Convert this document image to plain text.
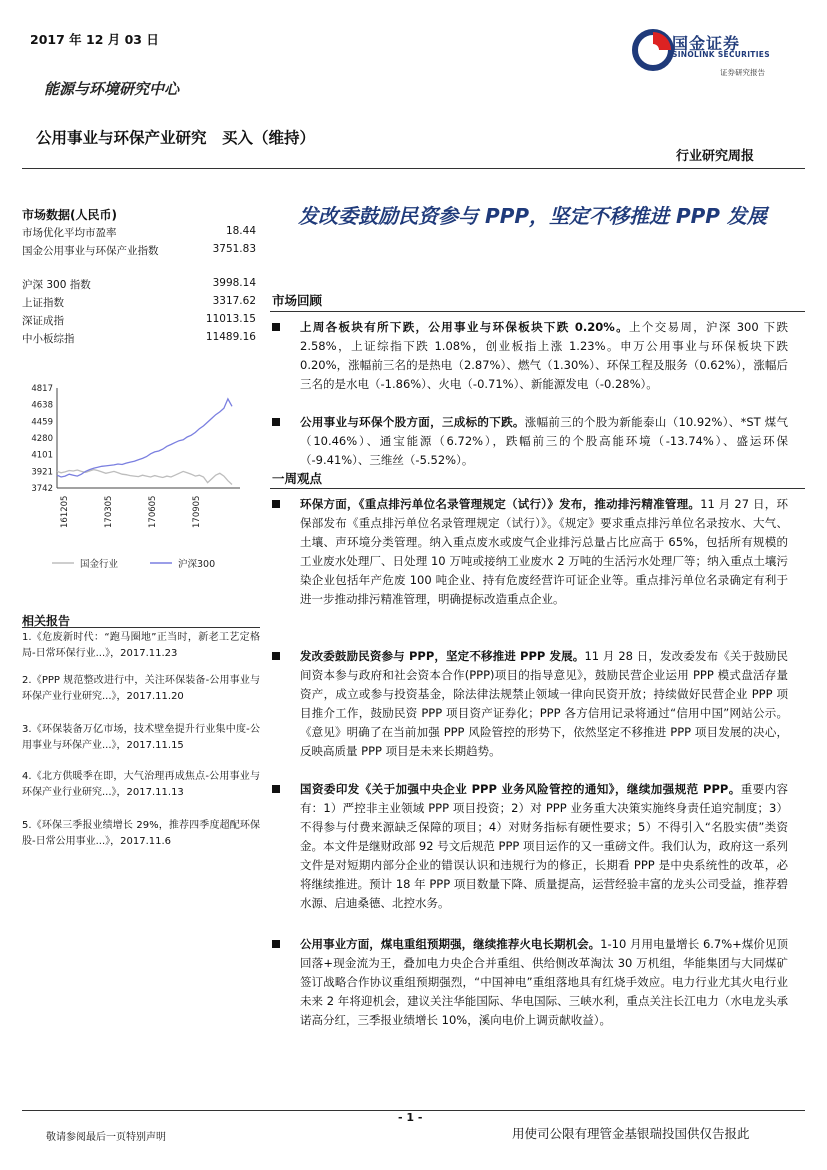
2017 年 12 月 03 日	国金证券
SINOLINK SECURITIES
证券研究报告
能源与环境研究中心
公用事业与环保产业研究　买入（维持）
行业研究周报
发改委鼓励民资参与 PPP，坚定不移推进 PPP 发展
市场数据(人民币)
市场优化平均市盈率	18.44
国金公用事业与环保产业指数	3751.83
沪深 300 指数	3998.14
上证指数	3317.62
深证成指	11013.15
中小板综指	11489.16
4817
4638
4459
4280
4101
3921
3742
161205	170305	170605	170905
国金行业	沪深300
相关报告
1.《危废新时代：“跑马圈地”正当时，新老工艺定格局-日常环保行业...》，2017.11.23
2.《PPP 规范整改进行中，关注环保装备-公用事业与环保产业行业研究...》，2017.11.20
3.《环保装备万亿市场，技术壁垒提升行业集中度-公用事业与环保产业...》，2017.11.15
4.《北方供暖季在即，大气治理再成焦点-公用事业与环保产业行业研究...》，2017.11.13
5.《环保三季报业绩增长 29%，推荐四季度超配环保股-日常公用事业...》，2017.11.6
市场回顾
上周各板块有所下跌，公用事业与环保板块下跌 0.20%。上个交易周，沪深 300 下跌 2.58%，上证综指下跌 1.08%，创业板指上涨 1.23%。申万公用事业与环保板块下跌 0.20%，涨幅前三名的是热电（2.87%）、燃气（1.30%）、环保工程及服务（0.62%），涨幅后三名的是水电（-1.86%）、火电（-0.71%）、新能源发电（-0.28%）。
公用事业与环保个股方面，三成标的下跌。涨幅前三的个股为新能泰山（10.92%）、*ST 煤气（10.46%）、通宝能源（6.72%），跌幅前三的个股高能环境（-13.74%）、盛运环保（-9.41%）、三维丝（-5.52%）。
一周观点
环保方面，《重点排污单位名录管理规定（试行）》发布，推动排污精准管理。11 月 27 日，环保部发布《重点排污单位名录管理规定（试行）》。《规定》要求重点排污单位名录按水、大气、土壤、声环境分类管理。纳入重点废水或废气企业排污总量占比应高于 65%，包括所有规模的工业废水处理厂、日处理 10 万吨或接纳工业废水 2 万吨的生活污水处理厂等；纳入重点土壤污染企业包括年产危废 100 吨企业、持有危废经营许可证企业等。重点排污单位名录确定有利于进一步推动排污精准管理，明确提标改造重点企业。
发改委鼓励民资参与 PPP，坚定不移推进 PPP 发展。11 月 28 日，发改委发布《关于鼓励民间资本参与政府和社会资本合作(PPP)项目的指导意见》，鼓励民营企业运用 PPP 模式盘活存量资产，成立或参与投资基金，除法律法规禁止领域一律向民资开放；持续做好民营企业 PPP 项目推介工作，鼓励民资 PPP 项目资产证券化；PPP 各方信用记录将通过“信用中国”网站公示。《意见》明确了在当前加强 PPP 风险管控的形势下，依然坚定不移推进 PPP 项目发展的决心，反映高质量 PPP 项目是未来长期趋势。
国资委印发《关于加强中央企业 PPP 业务风险管控的通知》，继续加强规范 PPP。重要内容有：1）严控非主业领域 PPP 项目投资；2）对 PPP 业务重大决策实施终身责任追究制度；3）不得参与付费来源缺乏保障的项目；4）对财务指标有硬性要求；5）不得引入“名股实债”类资金。本文件是继财政部 92 号文后规范 PPP 项目运作的又一重磅文件。我们认为，政府这一系列文件是对短期内部分企业的错误认识和违规行为的修正，长期看 PPP 是中央系统性的改革，必将继续推进。预计 18 年 PPP 项目数量下降、质量提高，运营经验丰富的龙头公司受益，推荐碧水源、启迪桑德、北控水务。
公用事业方面，煤电重组预期强，继续推荐火电长期机会。1-10 月用电量增长 6.7%+煤价见顶回落+现金流为王，叠加电力央企合并重组、供给侧改革淘汰 30 万机组，华能集团与大同煤矿签订战略合作协议重组预期强烈，“中国神电”重组落地具有红烧手效应。电力行业尤其火电行业未来 2 年将迎机会，建议关注华能国际、华电国际、三峡水利，重点关注长江电力（水电龙头承诺高分红，三季报业绩增长 10%，溪向电价上调贡献收益）。
- 1 -
敬请参阅最后一页特别声明	用使司公限有理管金基银瑞投国供仅告报此
